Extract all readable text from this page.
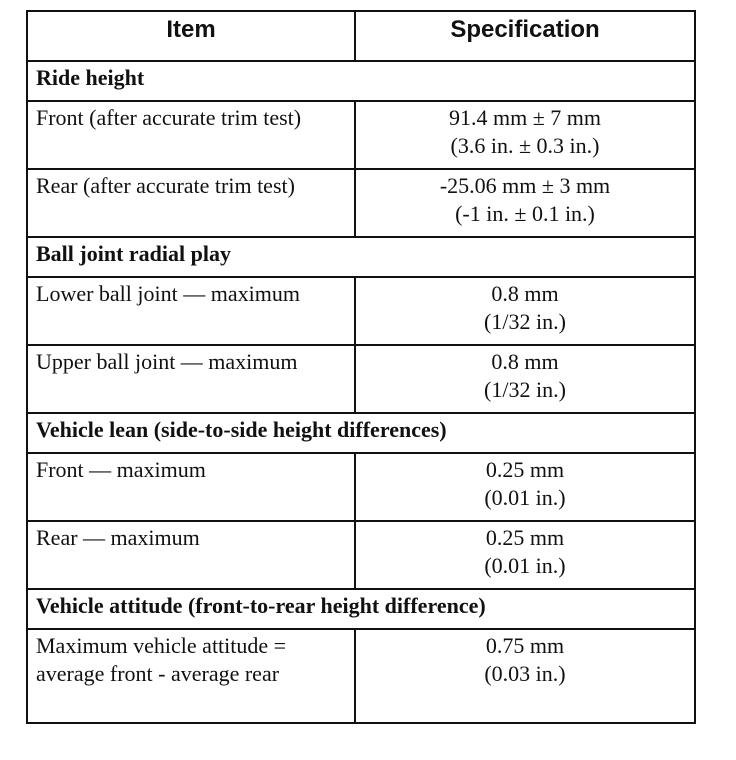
Item	Specification
Ride height	
Front (after accurate trim test)	91.4 mm ± 7 mm
(3.6 in. ± 0.3 in.)

Rear (after accurate trim test)	-25.06 mm ± 3 mm
(-1 in. ± 0.1 in.)

Ball joint radial play	
Lower ball joint — maximum	0.8 mm
(1/32 in.)

Upper ball joint — maximum	0.8 mm
(1/32 in.)

Vehicle lean (side-to-side height differences)	
Front — maximum	0.25 mm
(0.01 in.)

Rear — maximum	0.25 mm
(0.01 in.)

Vehicle attitude (front-to-rear height difference)	
Maximum vehicle attitude = average front - average rear	0.75 mm
(0.03 in.)
